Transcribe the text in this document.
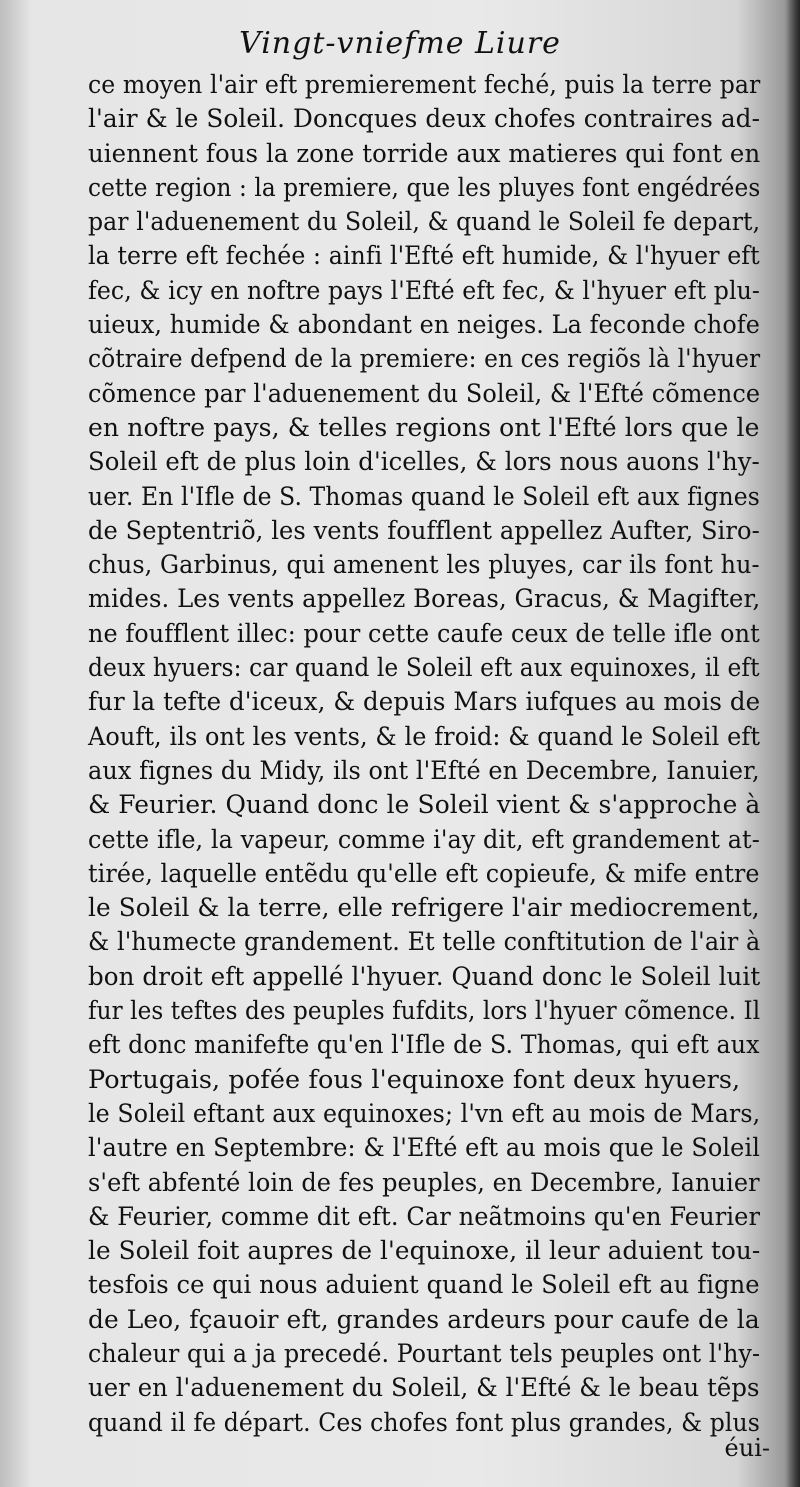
Vingt-vniefme Liure
ce moyen l'air eft premierement feché, puis la terre par
l'air & le Soleil. Doncques deux chofes contraires ad-
uiennent fous la zone torride aux matieres qui font en
cette region : la premiere, que les pluyes font engédrées
par l'aduenement du Soleil, & quand le Soleil fe depart,
la terre eft fechée : ainfi l'Efté eft humide, & l'hyuer eft
fec, & icy en noftre pays l'Efté eft fec, & l'hyuer eft plu-
uieux, humide & abondant en neiges. La feconde chofe
cõtraire defpend de la premiere: en ces regiõs là l'hyuer
cõmence par l'aduenement du Soleil, & l'Efté cõmence
en noftre pays, & telles regions ont l'Efté lors que le
Soleil eft de plus loin d'icelles, & lors nous auons l'hy-
uer. En l'Ifle de S. Thomas quand le Soleil eft aux fignes
de Septentriõ, les vents foufflent appellez Aufter, Siro-
chus, Garbinus, qui amenent les pluyes, car ils font hu-
mides. Les vents appellez Boreas, Gracus, & Magifter,
ne foufflent illec: pour cette caufe ceux de telle ifle ont
deux hyuers: car quand le Soleil eft aux equinoxes, il eft
fur la tefte d'iceux, & depuis Mars iufques au mois de
Aouft, ils ont les vents, & le froid: & quand le Soleil eft
aux fignes du Midy, ils ont l'Efté en Decembre, Ianuier,
& Feurier. Quand donc le Soleil vient & s'approche à
cette ifle, la vapeur, comme i'ay dit, eft grandement at-
tirée, laquelle entẽdu qu'elle eft copieufe, & mife entre
le Soleil & la terre, elle refrigere l'air mediocrement,
& l'humecte grandement. Et telle conftitution de l'air à
bon droit eft appellé l'hyuer. Quand donc le Soleil luit
fur les teftes des peuples fufdits, lors l'hyuer cõmence. Il
eft donc manifefte qu'en l'Ifle de S. Thomas, qui eft aux
Portugais, pofée fous l'equinoxe font deux hyuers,
le Soleil eftant aux equinoxes; l'vn eft au mois de Mars,
l'autre en Septembre: & l'Efté eft au mois que le Soleil
s'eft abfenté loin de fes peuples, en Decembre, Ianuier
& Feurier, comme dit eft. Car neãtmoins qu'en Feurier
le Soleil foit aupres de l'equinoxe, il leur aduient tou-
tesfois ce qui nous aduient quand le Soleil eft au figne
de Leo, fçauoir eft, grandes ardeurs pour caufe de la
chaleur qui a ja precedé. Pourtant tels peuples ont l'hy-
uer en l'aduenement du Soleil, & l'Efté & le beau tẽps
quand il fe départ. Ces chofes font plus grandes, & plus
éui-
